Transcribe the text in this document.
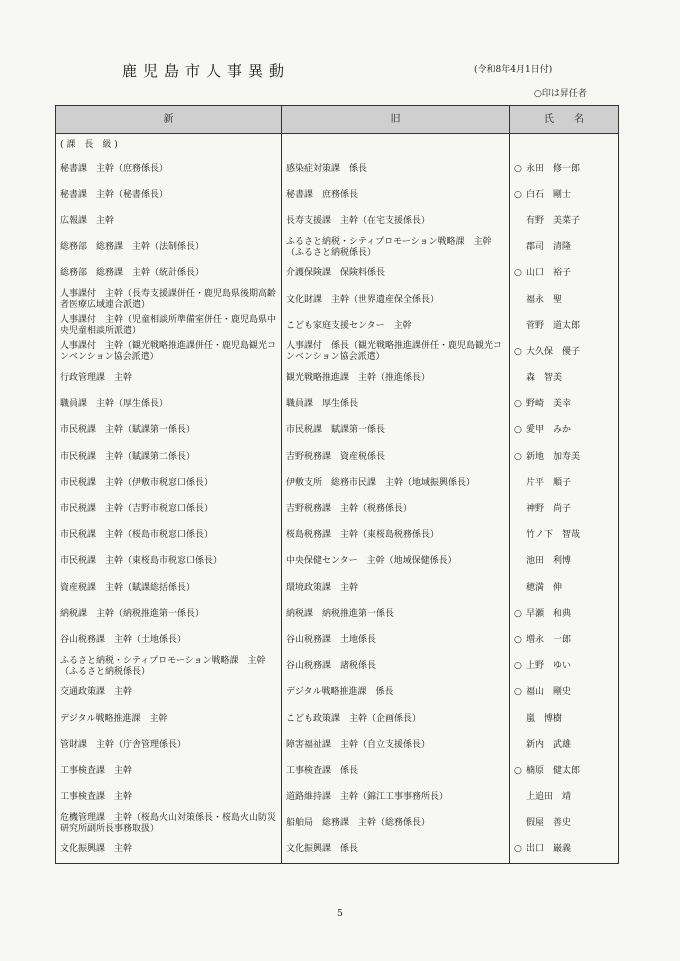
鹿児島市人事異動	(令和8年4月1日付)
○印は昇任者
新	旧	氏　　名
( 課　長　級 )		
秘書課　主幹（庶務係長）	感染症対策課　係長	○ 永田　修一郎
秘書課　主幹（秘書係長）	秘書課　庶務係長	○ 白石　剛士
広報課　主幹	長寿支援課　主幹（在宅支援係長）	有野　美菜子
総務部　総務課　主幹（法制係長）	ふるさと納税・シティプロモーション戦略課　主幹（ふるさと納税係長）	郡司　清隆
総務部　総務課　主幹（統計係長）	介護保険課　保険料係長	○ 山口　裕子
人事課付　主幹（長寿支援課併任・鹿児島県後期高齢者医療広域連合派遣）	文化財課　主幹（世界遺産保全係長）	福永　聖
人事課付　主幹（児童相談所準備室併任・鹿児島県中央児童相談所派遣）	こども家庭支援センター　主幹	菅野　道太郎
人事課付　主幹（観光戦略推進課併任・鹿児島観光コンベンション協会派遣）	人事課付　係長（観光戦略推進課併任・鹿児島観光コンベンション協会派遣）	○ 大久保　優子
行政管理課　主幹	観光戦略推進課　主幹（推進係長）	森　智美
職員課　主幹（厚生係長）	職員課　厚生係長	○ 野崎　美幸
市民税課　主幹（賦課第一係長）	市民税課　賦課第一係長	○ 愛甲　みか
市民税課　主幹（賦課第二係長）	吉野税務課　資産税係長	○ 新地　加寿美
市民税課　主幹（伊敷市税窓口係長）	伊敷支所　総務市民課　主幹（地域振興係長）	片平　順子
市民税課　主幹（吉野市税窓口係長）	吉野税務課　主幹（税務係長）	神野　尚子
市民税課　主幹（桜島市税窓口係長）	桜島税務課　主幹（東桜島税務係長）	竹ノ下　智哉
市民税課　主幹（東桜島市税窓口係長）	中央保健センター　主幹（地域保健係長）	池田　利博
資産税課　主幹（賦課総括係長）	環境政策課　主幹	穂満　伸
納税課　主幹（納税推進第一係長）	納税課　納税推進第一係長	○ 早瀬　和典
谷山税務課　主幹（土地係長）	谷山税務課　土地係長	○ 増永　一郎
ふるさと納税・シティプロモーション戦略課　主幹（ふるさと納税係長）	谷山税務課　諸税係長	○ 上野　ゆい
交通政策課　主幹	デジタル戦略推進課　係長	○ 福山　剛史
デジタル戦略推進課　主幹	こども政策課　主幹（企画係長）	嵐　博樹
管財課　主幹（庁舎管理係長）	障害福祉課　主幹（自立支援係長）	新内　武雄
工事検査課　主幹	工事検査課　係長	○ 楠原　健太郎
工事検査課　主幹	道路維持課　主幹（錦江工事事務所長）	上追田　靖
危機管理課　主幹（桜島火山対策係長・桜島火山防災研究所副所長事務取扱）	船舶局　総務課　主幹（総務係長）	假屋　善史
文化振興課　主幹	文化振興課　係長	○ 出口　巌義
5
